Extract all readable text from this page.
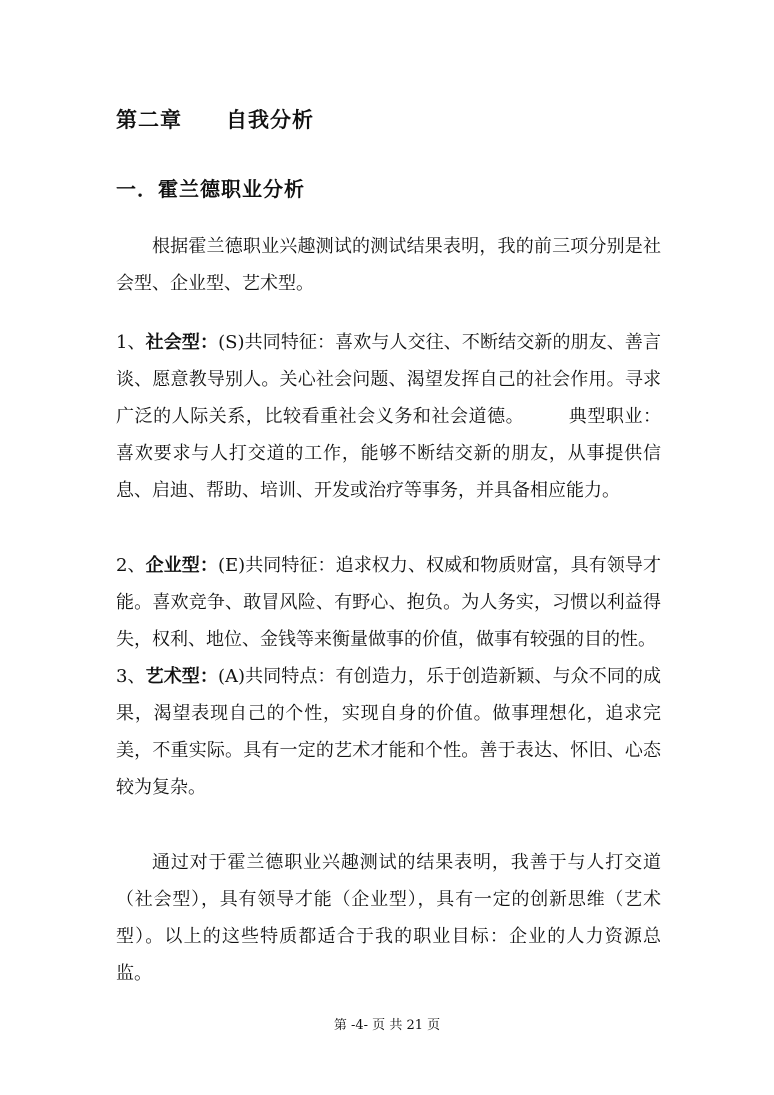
第二章 自我分析
一．霍兰德职业分析

根据霍兰德职业兴趣测试的测试结果表明，我的前三项分别是社会型、企业型、艺术型。

1、社会型：(S)共同特征：喜欢与人交往、不断结交新的朋友、善言谈、愿意教导别人。关心社会问题、渴望发挥自己的社会作用。寻求广泛的人际关系，比较看重社会义务和社会道德。 典型职业：喜欢要求与人打交道的工作，能够不断结交新的朋友，从事提供信息、启迪、帮助、培训、开发或治疗等事务，并具备相应能力。

2、企业型：(E)共同特征：追求权力、权威和物质财富，具有领导才能。喜欢竞争、敢冒风险、有野心、抱负。为人务实，习惯以利益得失，权利、地位、金钱等来衡量做事的价值，做事有较强的目的性。

3、艺术型：(A)共同特点：有创造力，乐于创造新颖、与众不同的成果，渴望表现自己的个性，实现自身的价值。做事理想化，追求完美，不重实际。具有一定的艺术才能和个性。善于表达、怀旧、心态较为复杂。

通过对于霍兰德职业兴趣测试的结果表明，我善于与人打交道（社会型），具有领导才能（企业型），具有一定的创新思维（艺术型）。以上的这些特质都适合于我的职业目标：企业的人力资源总监。

第 -4- 页 共 21 页
